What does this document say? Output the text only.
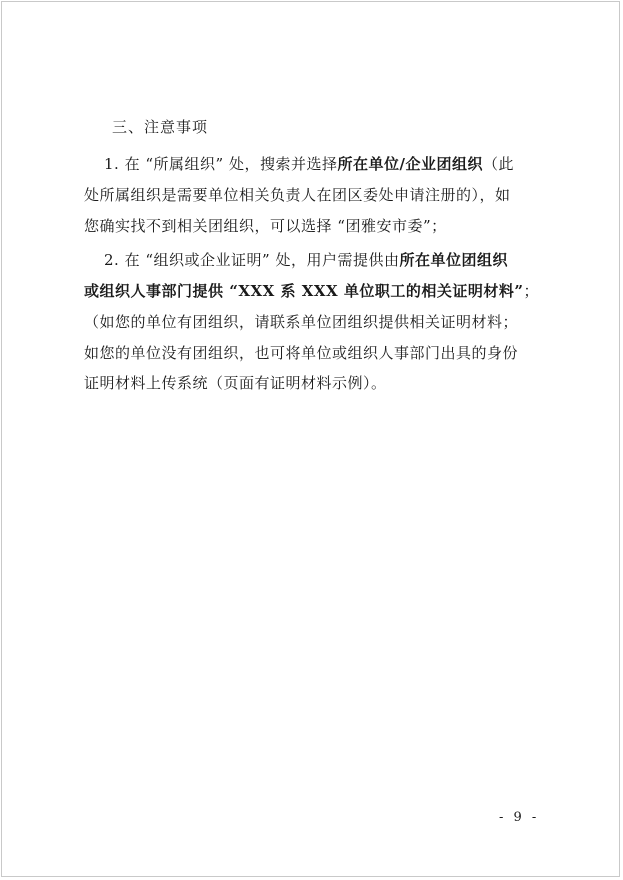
三、注意事项
1. 在 “所属组织” 处，搜索并选择所在单位/企业团组织（此
处所属组织是需要单位相关负责人在团区委处申请注册的），如
您确实找不到相关团组织，可以选择 “团雅安市委”；
2. 在 “组织或企业证明” 处，用户需提供由所在单位团组织
或组织人事部门提供 “XXX 系 XXX 单位职工的相关证明材料”；
（如您的单位有团组织，请联系单位团组织提供相关证明材料；
如您的单位没有团组织，也可将单位或组织人事部门出具的身份
证明材料上传系统（页面有证明材料示例）。
- 9 -
